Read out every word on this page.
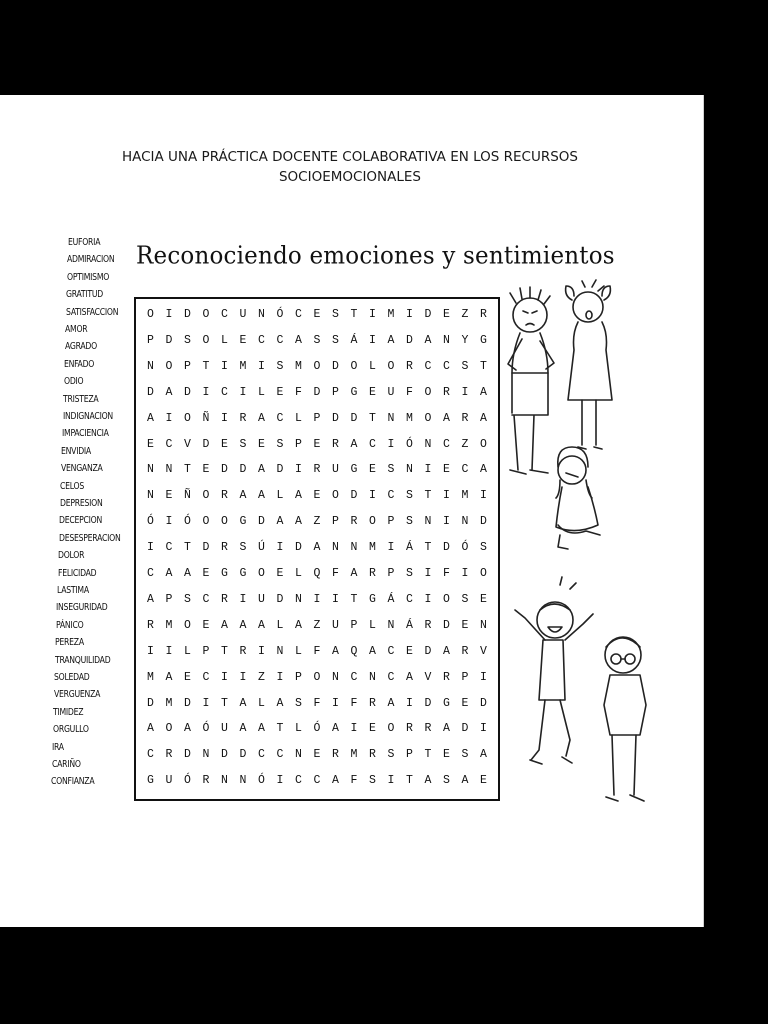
HACIA UNA PRÁCTICA DOCENTE COLABORATIVA EN LOS RECURSOS
SOCIOEMOCIONALES
Reconociendo emociones y sentimientos
EUFORIA
ADMIRACION
OPTIMISMO
GRATITUD
SATISFACCION
AMOR
AGRADO
ENFADO
ODIO
TRISTEZA
INDIGNACION
IMPACIENCIA
ENVIDIA
VENGANZA
CELOS
DEPRESION
DECEPCION
DESESPERACION
DOLOR
FELICIDAD
LASTIMA
INSEGURIDAD
PÁNICO
PEREZA
TRANQUILIDAD
SOLEDAD
VERGUENZA
TIMIDEZ
ORGULLO
IRA
CARIÑO
CONFIANZA
O	I	D	O	C	U	N	Ó	C	E	S	T	I	M	I	D	E	Z	R
P	D	S	O	L	E	C	C	A	S	S	Á	I	A	D	A	N	Y	G
N	O	P	T	I	M	I	S	M	O	D	O	L	O	R	C	C	S	T
D	A	D	I	C	I	L	E	F	D	P	G	E	U	F	O	R	I	A
A	I	O	Ñ	I	R	A	C	L	P	D	D	T	N	M	O	A	R	A
E	C	V	D	E	S	E	S	P	E	R	A	C	I	Ó	N	C	Z	O
N	N	T	E	D	D	A	D	I	R	U	G	E	S	N	I	E	C	A
N	E	Ñ	O	R	A	A	L	A	E	O	D	I	C	S	T	I	M	I
Ó	I	Ó	O	O	G	D	A	A	Z	P	R	O	P	S	N	I	N	D
I	C	T	D	R	S	Ú	I	D	A	N	N	M	I	Á	T	D	Ó	S
C	A	A	E	G	G	O	E	L	Q	F	A	R	P	S	I	F	I	O
A	P	S	C	R	I	U	D	N	I	I	T	G	Á	C	I	O	S	E
R	M	O	E	A	A	A	L	A	Z	U	P	L	N	Á	R	D	E	N
I	I	L	P	T	R	I	N	L	F	A	Q	A	C	E	D	A	R	V
M	A	E	C	I	I	Z	I	P	O	N	C	N	C	A	V	R	P	I
D	M	D	I	T	A	L	A	S	F	I	F	R	A	I	D	G	E	D
A	O	A	Ó	U	A	A	T	L	Ó	A	I	E	O	R	R	A	D	I
C	R	D	N	D	D	C	C	N	E	R	M	R	S	P	T	E	S	A
G	U	Ó	R	N	N	Ó	I	C	C	A	F	S	I	T	A	S	A	E
